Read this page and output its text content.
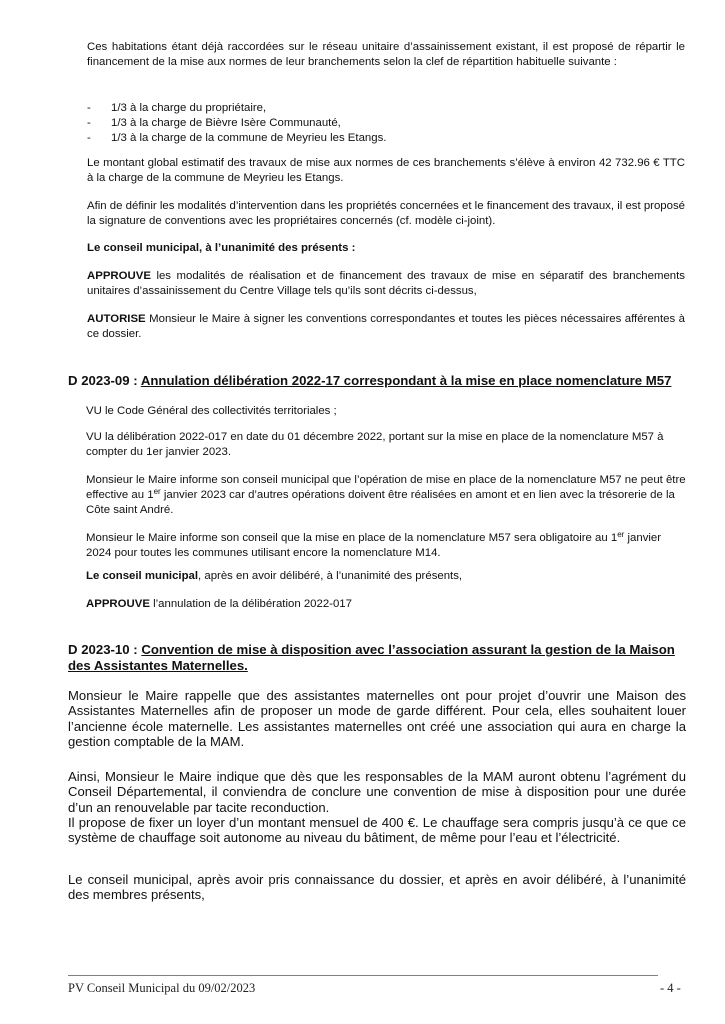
Ces habitations étant déjà raccordées sur le réseau unitaire d’assainissement existant, il est proposé de répartir le financement de la mise aux normes de leur branchements selon la clef de répartition habituelle suivante :

- 1/3 à la charge du propriétaire,
- 1/3 à la charge de Bièvre Isère Communauté,
- 1/3 à la charge de la commune de Meyrieu les Etangs.

Le montant global estimatif des travaux de mise aux normes de ces branchements s’élève à environ 42 732.96 € TTC à la charge de la commune de Meyrieu les Etangs.

Afin de définir les modalités d’intervention dans les propriétés concernées et le financement des travaux, il est proposé la signature de conventions avec les propriétaires concernés (cf. modèle ci-joint).

Le conseil municipal, à l’unanimité des présents :

APPROUVE les modalités de réalisation et de financement des travaux de mise en séparatif des branchements unitaires d’assainissement du Centre Village tels qu’ils sont décrits ci-dessus,

AUTORISE Monsieur le Maire à signer les conventions correspondantes et toutes les pièces nécessaires afférentes à ce dossier.

D 2023-09 : Annulation délibération 2022-17 correspondant à la mise en place nomenclature M57

VU le Code Général des collectivités territoriales ;

VU la délibération 2022-017 en date du 01 décembre 2022, portant sur la mise en place de la nomenclature M57 à compter du 1er janvier 2023.

Monsieur le Maire informe son conseil municipal que l’opération de mise en place de la nomenclature M57 ne peut être effective au 1er janvier 2023 car d’autres opérations doivent être réalisées en amont et en lien avec la trésorerie de la Côte saint André.

Monsieur le Maire informe son conseil que la mise en place de la nomenclature M57 sera obligatoire au 1er janvier 2024 pour toutes les communes utilisant encore la nomenclature M14.

Le conseil municipal, après en avoir délibéré, à l’unanimité des présents,

APPROUVE l’annulation de la délibération 2022-017

D 2023-10 : Convention de mise à disposition avec l’association assurant la gestion de la Maison des Assistantes Maternelles.

Monsieur le Maire rappelle que des assistantes maternelles ont pour projet d’ouvrir une Maison des Assistantes Maternelles afin de proposer un mode de garde différent. Pour cela, elles souhaitent louer l’ancienne école maternelle. Les assistantes maternelles ont créé une association qui aura en charge la gestion comptable de la MAM.

Ainsi, Monsieur le Maire indique que dès que les responsables de la MAM auront obtenu l’agrément du Conseil Départemental, il conviendra de conclure une convention de mise à disposition pour une durée d’un an renouvelable par tacite reconduction.

Il propose de fixer un loyer d’un montant mensuel de 400 €. Le chauffage sera compris jusqu’à ce que ce système de chauffage soit autonome au niveau du bâtiment, de même pour l’eau et l’électricité.

Le conseil municipal, après avoir pris connaissance du dossier, et après en avoir délibéré, à l’unanimité des membres présents,

PV Conseil Municipal du 09/02/2023	- 4 -
